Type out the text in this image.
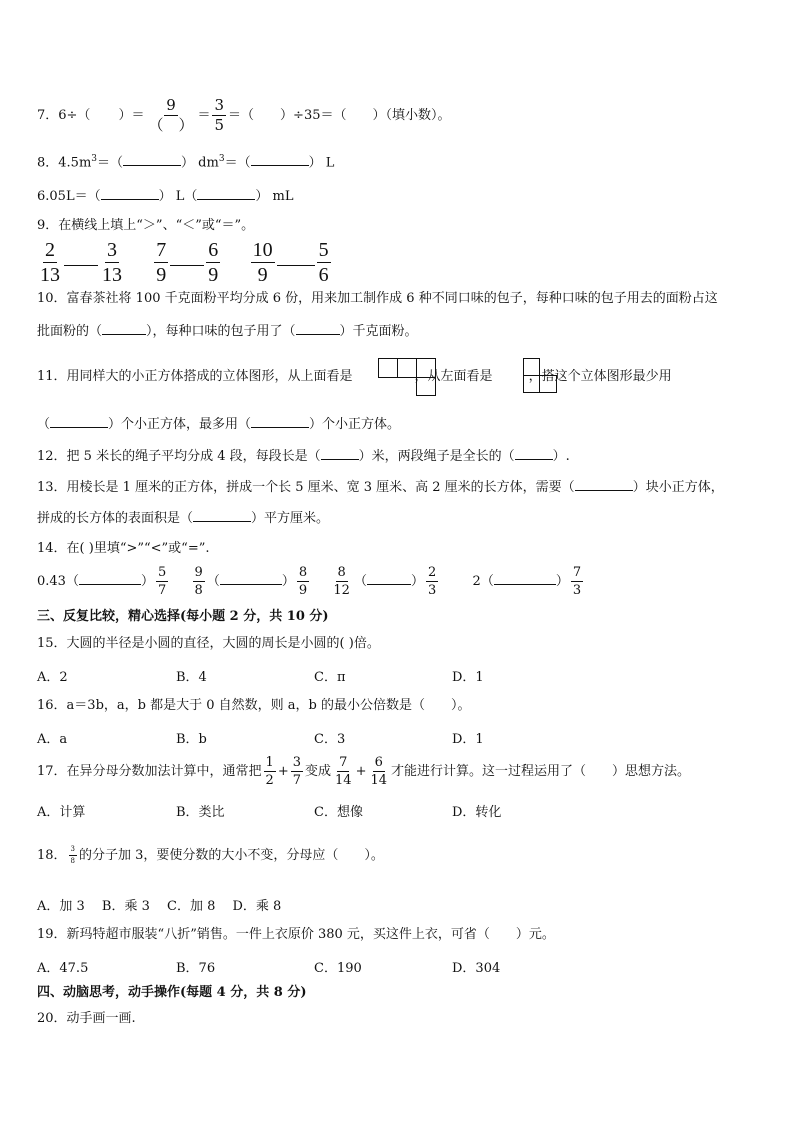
7．6÷（ ）＝ $\frac{9}{( )} = \frac{3}{5}$ ＝（ ）÷35＝（ ）（填小数）。
8．$4.5m^3=$（	） $dm^3=$（	） L
6.05L＝（	） L（	） mL
9．在横线上填上“＞”、“＜”或“＝”。
$\frac{2}{13} \frac{3}{13}$
$\frac{7}{9} \frac{6}{9}$
$\frac{10}{9} \frac{5}{6}$
10．富春茶社将 100 千克面粉平均分成 6 份，用来加工制作成 6 种不同口味的包子，每种口味的包子用去的面粉占这
批面粉的（	），每种口味的包子用了（	）千克面粉。
11．用同样大的小正方体搭成的立体图形，从上面看是	，从左面看是	，搭这个立体图形最少用
（	）个小正方体，最多用（	）个小正方体。
12．把 5 米长的绳子平均分成 4 段，每段长是（	）米，两段绳子是全长的（	）.
13．用棱长是 1 厘米的正方体，拼成一个长 5 厘米、宽 3 厘米、高 2 厘米的长方体，需要（	）块小正方体，
拼成的长方体的表面积是（	）平方厘米。
14．在( )里填“>”“<”或“=”.
0.43（	） $\frac{5}{7}$
$\frac{9}{8}$ （	） $\frac{8}{9}$
$\frac{8}{12}$ （	） $\frac{2}{3}$	2（	） $\frac{7}{3}$
三、反复比较，精心选择(每小题 2 分，共 10 分)
15．大圆的半径是小圆的直径，大圆的周长是小圆的( )倍。
A．2	B．4	C．π	D．1
16．a＝3b，a，b 都是大于 0 自然数，则 a，b 的最小公倍数是（　　）。
A．a	B．b	C．3	D．1
17．在异分母分数加法计算中，通常把 $\frac{1}{2} + \frac{3}{7}$ 变成 $\frac{7}{14} + \frac{6}{14}$ 才能进行计算。这一过程运用了（　　）思想方法。
A．计算	B．类比	C．想像	D．转化
18． $\frac{3}{8}$ 的分子加 3，要使分数的大小不变，分母应（　　）。
A．加 3　 B．乘 3　 C．加 8　 D．乘 8
19．新玛特超市服装“八折”销售。一件上衣原价 380 元，买这件上衣，可省（　　）元。
A．47.5	B．76	C．190	D．304
四、动脑思考，动手操作(每题 4 分，共 8 分)
20．动手画一画.
